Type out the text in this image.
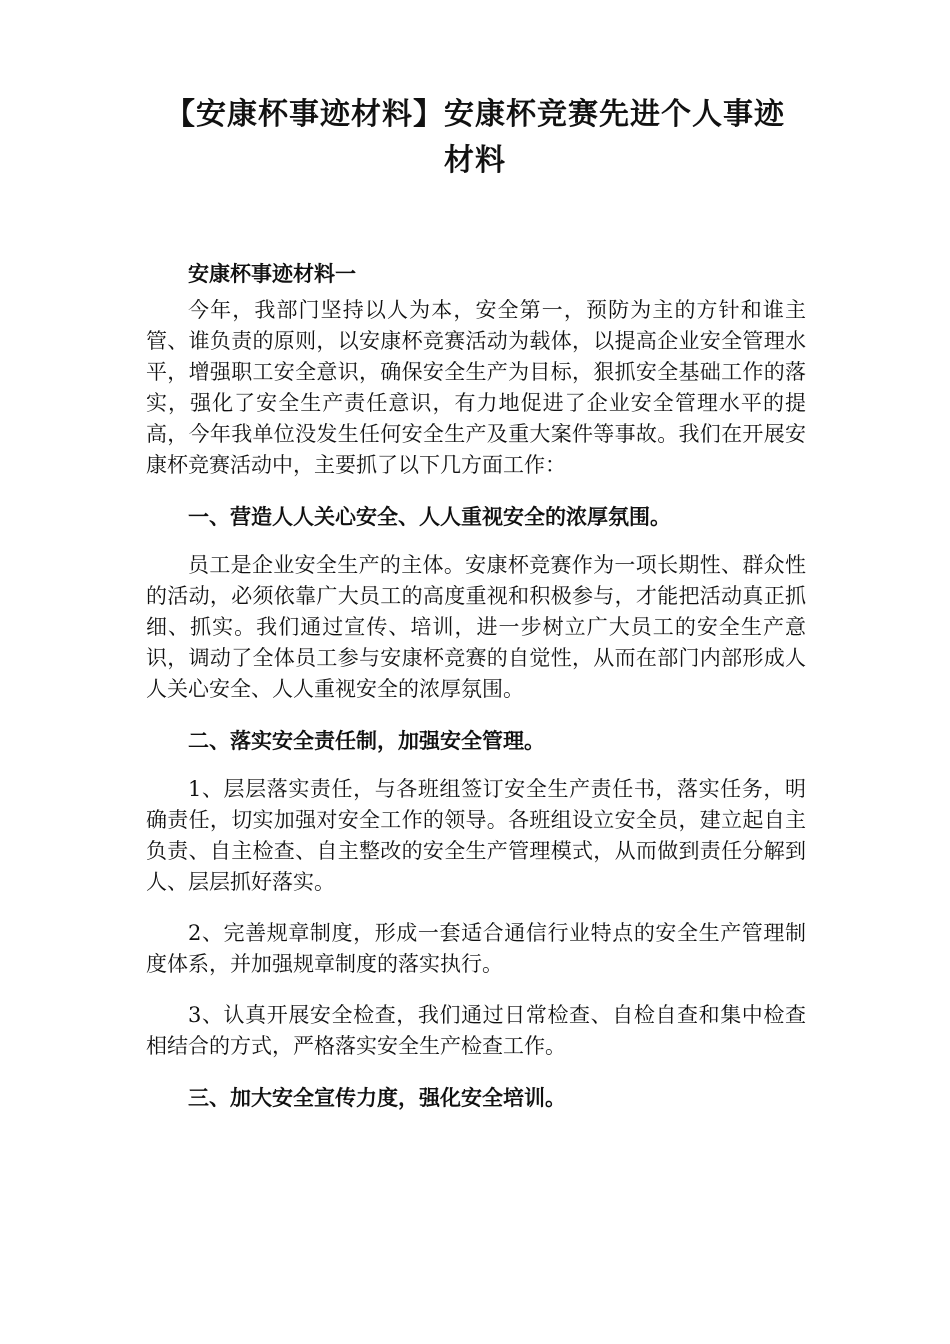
【安康杯事迹材料】安康杯竞赛先进个人事迹材料

安康杯事迹材料一

今年，我部门坚持以人为本，安全第一，预防为主的方针和谁主管、谁负责的原则，以安康杯竞赛活动为载体，以提高企业安全管理水平，增强职工安全意识，确保安全生产为目标，狠抓安全基础工作的落实，强化了安全生产责任意识，有力地促进了企业安全管理水平的提高，今年我单位没发生任何安全生产及重大案件等事故。我们在开展安康杯竞赛活动中，主要抓了以下几方面工作：

一、营造人人关心安全、人人重视安全的浓厚氛围。

员工是企业安全生产的主体。安康杯竞赛作为一项长期性、群众性的活动，必须依靠广大员工的高度重视和积极参与，才能把活动真正抓细、抓实。我们通过宣传、培训，进一步树立广大员工的安全生产意识，调动了全体员工参与安康杯竞赛的自觉性，从而在部门内部形成人人关心安全、人人重视安全的浓厚氛围。

二、落实安全责任制，加强安全管理。

1、层层落实责任，与各班组签订安全生产责任书，落实任务，明确责任，切实加强对安全工作的领导。各班组设立安全员，建立起自主负责、自主检查、自主整改的安全生产管理模式，从而做到责任分解到人、层层抓好落实。

2、完善规章制度，形成一套适合通信行业特点的安全生产管理制度体系，并加强规章制度的落实执行。

3、认真开展安全检查，我们通过日常检查、自检自查和集中检查相结合的方式，严格落实安全生产检查工作。

三、加大安全宣传力度，强化安全培训。
